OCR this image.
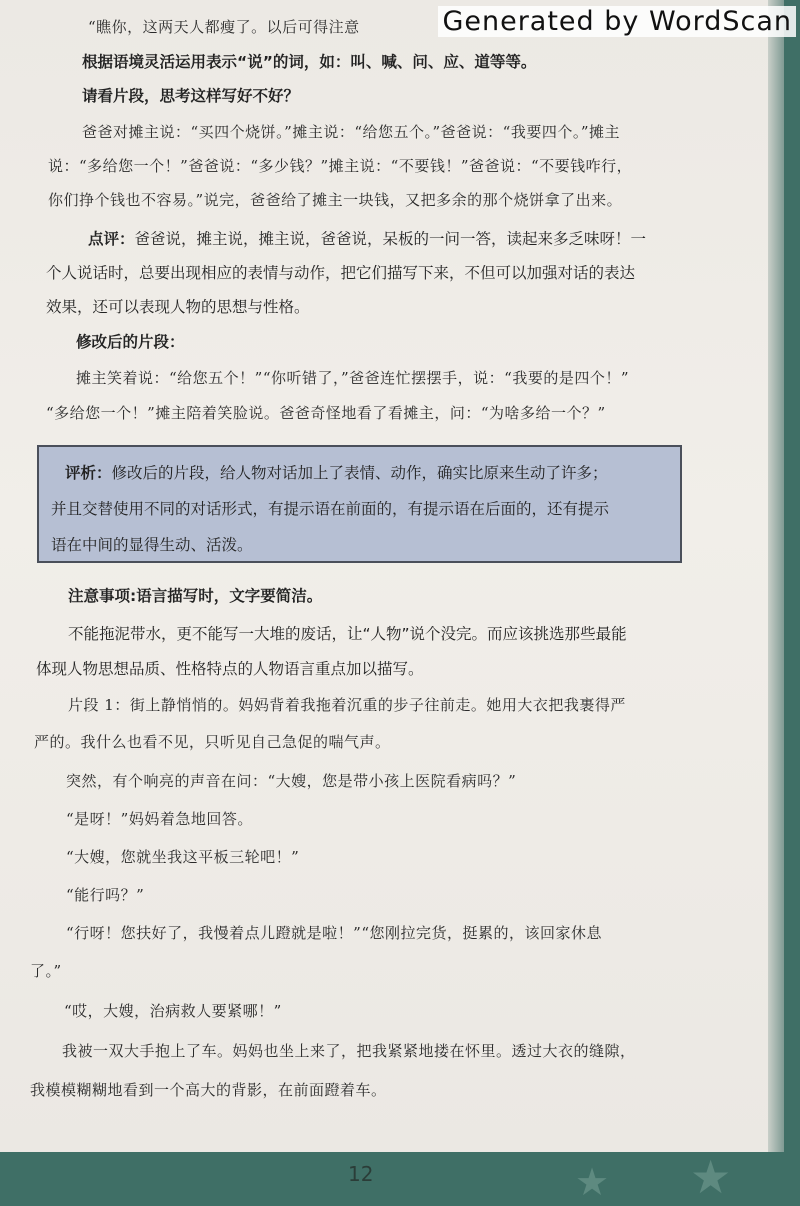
“瞧你，这两天人都瘦了。以后可得注意
根据语境灵活运用表示“说”的词，如：叫、喊、问、应、道等等。
请看片段，思考这样写好不好？
爸爸对摊主说：“买四个烧饼。”摊主说：“给您五个。”爸爸说：“我要四个。”摊主
说：“多给您一个！”爸爸说：“多少钱？”摊主说：“不要钱！”爸爸说：“不要钱咋行，
你们挣个钱也不容易。”说完，爸爸给了摊主一块钱，又把多余的那个烧饼拿了出来。
点评：爸爸说，摊主说，摊主说，爸爸说，呆板的一问一答，读起来多乏味呀！一
个人说话时，总要出现相应的表情与动作，把它们描写下来，不但可以加强对话的表达
效果，还可以表现人物的思想与性格。
修改后的片段：
摊主笑着说：“给您五个！”“你听错了，”爸爸连忙摆摆手，说：“我要的是四个！”
“多给您一个！”摊主陪着笑脸说。爸爸奇怪地看了看摊主，问：“为啥多给一个？”
评析：修改后的片段，给人物对话加上了表情、动作，确实比原来生动了许多；
并且交替使用不同的对话形式，有提示语在前面的，有提示语在后面的，还有提示
语在中间的显得生动、活泼。
注意事项:语言描写时，文字要简洁。
不能拖泥带水，更不能写一大堆的废话，让“人物”说个没完。而应该挑选那些最能
体现人物思想品质、性格特点的人物语言重点加以描写。
片段 1：街上静悄悄的。妈妈背着我拖着沉重的步子往前走。她用大衣把我裹得严
严的。我什么也看不见，只听见自己急促的喘气声。
突然，有个响亮的声音在问：“大嫂，您是带小孩上医院看病吗？”
“是呀！”妈妈着急地回答。
“大嫂，您就坐我这平板三轮吧！”
“能行吗？”
“行呀！您扶好了，我慢着点儿蹬就是啦！”“您刚拉完货，挺累的，该回家休息
了。”
“哎，大嫂，治病救人要紧哪！”
我被一双大手抱上了车。妈妈也坐上来了，把我紧紧地搂在怀里。透过大衣的缝隙，
我模模糊糊地看到一个高大的背影，在前面蹬着车。
Generated by WordScan
★ ★
12
